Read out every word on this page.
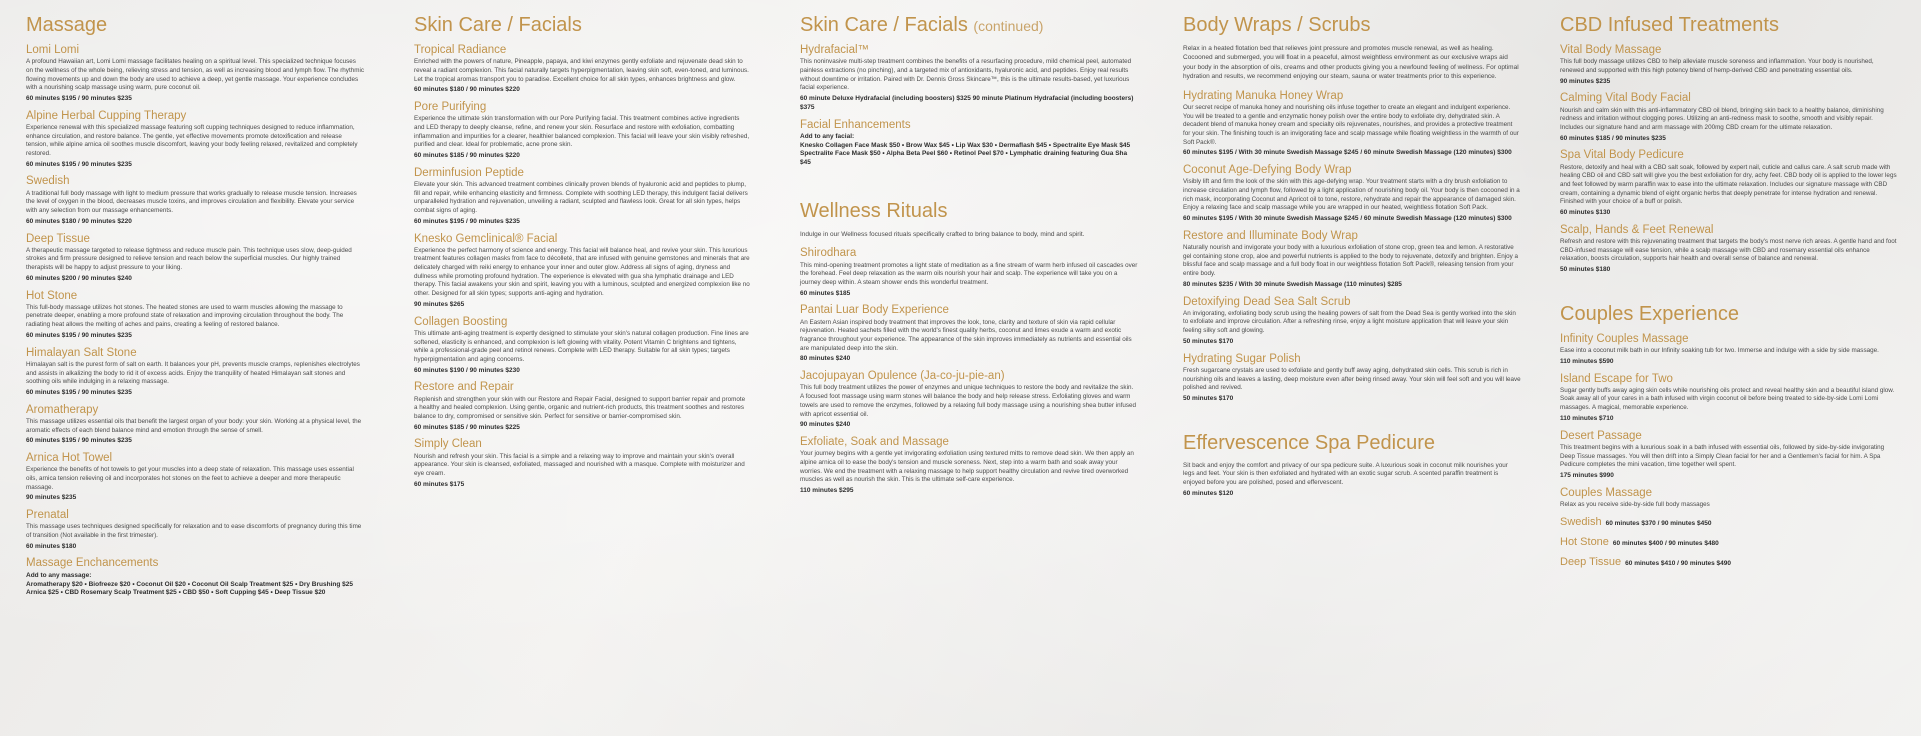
Massage
Lomi Lomi

A profound Hawaiian art, Lomi Lomi massage facilitates healing on a spiritual level. This specialized technique focuses on the wellness of the whole being, relieving stress and tension, as well as increasing blood and lymph flow. The rhythmic flowing movements up and down the body are used to achieve a deep, yet gentle massage. Your experience concludes with a nourishing scalp massage using warm, pure coconut oil.

60 minutes $195 / 90 minutes $235
Alpine Herbal Cupping Therapy

Experience renewal with this specialized massage featuring soft cupping techniques designed to reduce inflammation, enhance circulation, and restore balance. The gentle, yet effective movements promote detoxification and release tension, while alpine arnica oil soothes muscle discomfort, leaving your body feeling relaxed, revitalized and completely restored.

60 minutes $195 / 90 minutes $235
Swedish

A traditional full body massage with light to medium pressure that works gradually to release muscle tension. Increases the level of oxygen in the blood, decreases muscle toxins, and improves circulation and flexibility. Elevate your service with any selection from our massage enhancements.

60 minutes $180 / 90 minutes $220
Deep Tissue

A therapeutic massage targeted to release tightness and reduce muscle pain. This technique uses slow, deep-guided strokes and firm pressure designed to relieve tension and reach below the superficial muscles. Our highly trained therapists will be happy to adjust pressure to your liking.

60 minutes $200 / 90 minutes $240
Hot Stone

This full-body massage utilizes hot stones. The heated stones are used to warm muscles allowing the massage to penetrate deeper, enabling a more profound state of relaxation and improving circulation throughout the body. The radiating heat allows the melting of aches and pains, creating a feeling of restored balance.

60 minutes $195 / 90 minutes $235
Himalayan Salt Stone

Himalayan salt is the purest form of salt on earth. It balances your pH, prevents muscle cramps, replenishes electrolytes and assists in alkalizing the body to rid it of excess acids. Enjoy the tranquility of heated Himalayan salt stones and soothing oils while indulging in a relaxing massage.

60 minutes $195 / 90 minutes $235
Aromatherapy

This massage utilizes essential oils that benefit the largest organ of your body: your skin. Working at a physical level, the aromatic effects of each blend balance mind and emotion through the sense of smell.

60 minutes $195 / 90 minutes $235
Arnica Hot Towel

Experience the benefits of hot towels to get your muscles into a deep state of relaxation. This massage uses essential oils, arnica tension relieving oil and incorporates hot stones on the feet to achieve a deeper and more therapeutic massage.

90 minutes $235
Prenatal

This massage uses techniques designed specifically for relaxation and to ease discomforts of pregnancy during this time of transition (Not available in the first trimester).

60 minutes $180
Massage Enchancements
Add to any massage:
Aromatherapy $20 • Biofreeze $20 • Coconut Oil $20 • Coconut Oil Scalp Treatment $25 • Dry Brushing $25 Arnica $25 • CBD Rosemary Scalp Treatment $25 • CBD $50 • Soft Cupping $45 • Deep Tissue $20
Skin Care / Facials
Tropical Radiance

Enriched with the powers of nature, Pineapple, papaya, and kiwi enzymes gently exfoliate and rejuvenate dead skin to reveal a radiant complexion. This facial naturally targets hyperpigmentation, leaving skin soft, even-toned, and luminous. Let the tropical aromas transport you to paradise. Excellent choice for all skin types, enhances brightness and glow.

60 minutes $180 / 90 minutes $220
Pore Purifying

Experience the ultimate skin transformation with our Pore Purifying facial. This treatment combines active ingredients and LED therapy to deeply cleanse, refine, and renew your skin. Resurface and restore with exfoliation, combatting inflammation and impurities for a clearer, healthier balanced complexion. This facial will leave your skin visibly refreshed, purified and clear. Ideal for problematic, acne prone skin.

60 minutes $185 / 90 minutes $220
Derminfusion Peptide

Elevate your skin. This advanced treatment combines clinically proven blends of hyaluronic acid and peptides to plump, fill and repair, while enhancing elasticity and firmness. Complete with soothing LED therapy, this indulgent facial delivers unparalleled hydration and rejuvenation, unveiling a radiant, sculpted and flawless look. Great for all skin types, helps combat signs of aging.

60 minutes $195 / 90 minutes $235
Knesko Gemclinical® Facial

Experience the perfect harmony of science and energy. This facial will balance heal, and revive your skin. This luxurious treatment features collagen masks from face to décolleté, that are infused with genuine gemstones and minerals that are delicately charged with reiki energy to enhance your inner and outer glow. Address all signs of aging, dryness and dullness while promoting profound hydration. The experience is elevated with gua sha lymphatic drainage and LED therapy. This facial awakens your skin and spirit, leaving you with a luminous, sculpted and energized complexion like no other. Designed for all skin types; supports anti-aging and hydration.

90 minutes $265
Collagen Boosting

This ultimate anti-aging treatment is expertly designed to stimulate your skin's natural collagen production. Fine lines are softened, elasticity is enhanced, and complexion is left glowing with vitality. Potent Vitamin C brightens and tightens, while a professional-grade peel and retinol renews. Complete with LED therapy. Suitable for all skin types; targets hyperpigmentation and aging concerns.

60 minutes $190 / 90 minutes $230
Restore and Repair

Replenish and strengthen your skin with our Restore and Repair Facial, designed to support barrier repair and promote a healthy and healed complexion. Using gentle, organic and nutrient-rich products, this treatment soothes and restores balance to dry, compromised or sensitive skin. Perfect for sensitive or barrier-compromised skin.

60 minutes $185 / 90 minutes $225
Simply Clean

Nourish and refresh your skin. This facial is a simple and a relaxing way to improve and maintain your skin's overall appearance. Your skin is cleansed, exfoliated, massaged and nourished with a masque. Complete with moisturizer and eye cream.

60 minutes $175
Skin Care / Facials (continued)
Hydrafacial™

This noninvasive multi-step treatment combines the benefits of a resurfacing procedure, mild chemical peel, automated painless extractions (no pinching), and a targeted mix of antioxidants, hyaluronic acid, and peptides. Enjoy real results without downtime or irritation. Paired with Dr. Dennis Gross Skincare™, this is the ultimate results-based, yet luxurious facial experience.

60 minute Deluxe Hydrafacial (including boosters) $325 90 minute Platinum Hydrafacial (including boosters) $375
Facial Enhancements
Add to any facial:
Knesko Collagen Face Mask $50 • Brow Wax $45 • Lip Wax $30 • Dermaflash $45 • Spectralite Eye Mask $45 Spectralite Face Mask $50 • Alpha Beta Peel $60 • Retinol Peel $70 • Lymphatic draining featuring Gua Sha $45
Wellness Rituals

Indulge in our Wellness focused rituals specifically crafted to bring balance to body, mind and spirit.

Shirodhara

This mind-opening treatment promotes a light state of meditation as a fine stream of warm herb infused oil cascades over the forehead. Feel deep relaxation as the warm oils nourish your hair and scalp. The experience will take you on a journey deep within. A steam shower ends this wonderful treatment.

60 minutes $185
Pantai Luar Body Experience

An Eastern Asian inspired body treatment that improves the look, tone, clarity and texture of skin via rapid cellular rejuvenation. Heated sachets filled with the world's finest quality herbs, coconut and limes exude a warm and exotic fragrance throughout your experience. The appearance of the skin improves immediately as nutrients and essential oils are manipulated deep into the skin.

80 minutes $240
Jacojupayan Opulence (Ja-co-ju-pie-an)

This full body treatment utilizes the power of enzymes and unique techniques to restore the body and revitalize the skin. A focused foot massage using warm stones will balance the body and help release stress. Exfoliating gloves and warm towels are used to remove the enzymes, followed by a relaxing full body massage using a nourishing shea butter infused with apricot essential oil.

90 minutes $240
Exfoliate, Soak and Massage

Your journey begins with a gentle yet invigorating exfoliation using textured mitts to remove dead skin. We then apply an alpine arnica oil to ease the body's tension and muscle soreness. Next, step into a warm bath and soak away your worries. We end the treatment with a relaxing massage to help support healthy circulation and revive tired overworked muscles as well as nourish the skin. This is the ultimate self-care experience.

110 minutes $295
Body Wraps / Scrubs

Relax in a heated flotation bed that relieves joint pressure and promotes muscle renewal, as well as healing. Cocooned and submerged, you will float in a peaceful, almost weightless environment as our exclusive wraps aid your body in the absorption of oils, creams and other products giving you a newfound feeling of wellness. For optimal hydration and results, we recommend enjoying our steam, sauna or water treatments prior to this experience.

Hydrating Manuka Honey Wrap

Our secret recipe of manuka honey and nourishing oils infuse together to create an elegant and indulgent experience. You will be treated to a gentle and enzymatic honey polish over the entire body to exfoliate dry, dehydrated skin. A decadent blend of manuka honey cream and specialty oils rejuvenates, nourishes, and provides a protective treatment for your skin. The finishing touch is an invigorating face and scalp massage while floating weightless in the warmth of our Soft Pack®.

60 minutes $195 / With 30 minute Swedish Massage $245 / 60 minute Swedish Massage (120 minutes) $300
Coconut Age-Defying Body Wrap

Visibly lift and firm the look of the skin with this age-defying wrap. Your treatment starts with a dry brush exfoliation to increase circulation and lymph flow, followed by a light application of nourishing body oil. Your body is then cocooned in a rich mask, incorporating Coconut and Apricot oil to tone, restore, rehydrate and repair the appearance of damaged skin. Enjoy a relaxing face and scalp massage while you are wrapped in our heated, weightless flotation Soft Pack.

60 minutes $195 / With 30 minute Swedish Massage $245 / 60 minute Swedish Massage (120 minutes) $300
Restore and Illuminate Body Wrap

Naturally nourish and invigorate your body with a luxurious exfoliation of stone crop, green tea and lemon. A restorative gel containing stone crop, aloe and powerful nutrients is applied to the body to rejuvenate, detoxify and brighten. Enjoy a blissful face and scalp massage and a full body float in our weightless flotation Soft Pack®, releasing tension from your entire body.

80 minutes $235 / With 30 minute Swedish Massage (110 minutes) $285
Detoxifying Dead Sea Salt Scrub

An invigorating, exfoliating body scrub using the healing powers of salt from the Dead Sea is gently worked into the skin to exfoliate and improve circulation. After a refreshing rinse, enjoy a light moisture application that will leave your skin feeling silky soft and glowing.

50 minutes $170
Hydrating Sugar Polish

Fresh sugarcane crystals are used to exfoliate and gently buff away aging, dehydrated skin cells. This scrub is rich in nourishing oils and leaves a lasting, deep moisture even after being rinsed away. Your skin will feel soft and you will leave polished and revived.

50 minutes $170
Effervescence Spa Pedicure

Sit back and enjoy the comfort and privacy of our spa pedicure suite. A luxurious soak in coconut milk nourishes your legs and feet. Your skin is then exfoliated and hydrated with an exotic sugar scrub. A scented paraffin treatment is enjoyed before you are polished, posed and effervescent.

60 minutes $120
CBD Infused Treatments
Vital Body Massage

This full body massage utilizes CBD to help alleviate muscle soreness and inflammation. Your body is nourished, renewed and supported with this high potency blend of hemp-derived CBD and penetrating essential oils.

90 minutes $235
Calming Vital Body Facial

Nourish and calm skin with this anti-inflammatory CBD oil blend, bringing skin back to a healthy balance, diminishing redness and irritation without clogging pores. Utilizing an anti-redness mask to soothe, smooth and visibly repair. Includes our signature hand and arm massage with 200mg CBD cream for the ultimate relaxation.

60 minutes $185 / 90 minutes $235
Spa Vital Body Pedicure

Restore, detoxify and heal with a CBD salt soak, followed by expert nail, cuticle and callus care. A salt scrub made with healing CBD oil and CBD salt will give you the best exfoliation for dry, achy feet. CBD body oil is applied to the lower legs and feet followed by warm paraffin wax to ease into the ultimate relaxation. Includes our signature massage with CBD cream, containing a dynamic blend of eight organic herbs that deeply penetrate for intense hydration and renewal. Finished with your choice of a buff or polish.

60 minutes $130
Scalp, Hands & Feet Renewal

Refresh and restore with this rejuvenating treatment that targets the body's most nerve rich areas. A gentle hand and foot CBD-infused massage will ease tension, while a scalp massage with CBD and rosemary essential oils enhance relaxation, boosts circulation, supports hair health and overall sense of balance and renewal.

50 minutes $180
Couples Experience
Infinity Couples Massage

Ease into a coconut milk bath in our Infinity soaking tub for two. Immerse and indulge with a side by side massage.

110 minutes $590
Island Escape for Two

Sugar gently buffs away aging skin cells while nourishing oils protect and reveal healthy skin and a beautiful island glow. Soak away all of your cares in a bath infused with virgin coconut oil before being treated to side-by-side Lomi Lomi massages. A magical, memorable experience.

110 minutes $710
Desert Passage

This treatment begins with a luxurious soak in a bath infused with essential oils, followed by side-by-side invigorating Deep Tissue massages. You will then drift into a Simply Clean facial for her and a Gentlemen's facial for him. A Spa Pedicure completes the mini vacation, time together well spent.

175 minutes $990
Couples Massage

Relax as you receive side-by-side full body massages

Swedish 60 minutes $370 / 90 minutes $450
Hot Stone 60 minutes $400 / 90 minutes $480
Deep Tissue 60 minutes $410 / 90 minutes $490
